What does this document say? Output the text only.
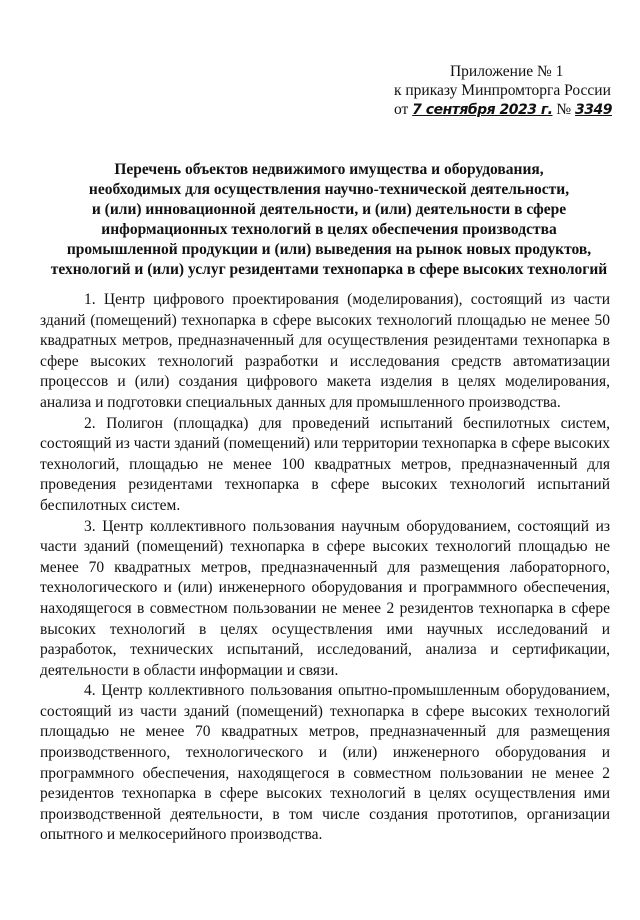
Приложение № 1
к приказу Минпромторга России
от 7 сентября 2023 г. № 3349
Перечень объектов недвижимого имущества и оборудования,
необходимых для осуществления научно-технической деятельности,
и (или) инновационной деятельности, и (или) деятельности в сфере
информационных технологий в целях обеспечения производства
промышленной продукции и (или) выведения на рынок новых продуктов,
технологий и (или) услуг резидентами технопарка в сфере высоких технологий

1. Центр цифрового проектирования (моделирования), состоящий из части зданий (помещений) технопарка в сфере высоких технологий площадью не менее 50 квадратных метров, предназначенный для осуществления резидентами технопарка в сфере высоких технологий разработки и исследования средств автоматизации процессов и (или) создания цифрового макета изделия в целях моделирования, анализа и подготовки специальных данных для промышленного производства.

2. Полигон (площадка) для проведений испытаний беспилотных систем, состоящий из части зданий (помещений) или территории технопарка в сфере высоких технологий, площадью не менее 100 квадратных метров, предназначенный для проведения резидентами технопарка в сфере высоких технологий испытаний беспилотных систем.

3. Центр коллективного пользования научным оборудованием, состоящий из части зданий (помещений) технопарка в сфере высоких технологий площадью не менее 70 квадратных метров, предназначенный для размещения лабораторного, технологического и (или) инженерного оборудования и программного обеспечения, находящегося в совместном пользовании не менее 2 резидентов технопарка в сфере высоких технологий в целях осуществления ими научных исследований и разработок, технических испытаний, исследований, анализа и сертификации, деятельности в области информации и связи.

4. Центр коллективного пользования опытно-промышленным оборудованием, состоящий из части зданий (помещений) технопарка в сфере высоких технологий площадью не менее 70 квадратных метров, предназначенный для размещения производственного, технологического и (или) инженерного оборудования и программного обеспечения, находящегося в совместном пользовании не менее 2 резидентов технопарка в сфере высоких технологий в целях осуществления ими производственной деятельности, в том числе создания прототипов, организации опытного и мелкосерийного производства.
